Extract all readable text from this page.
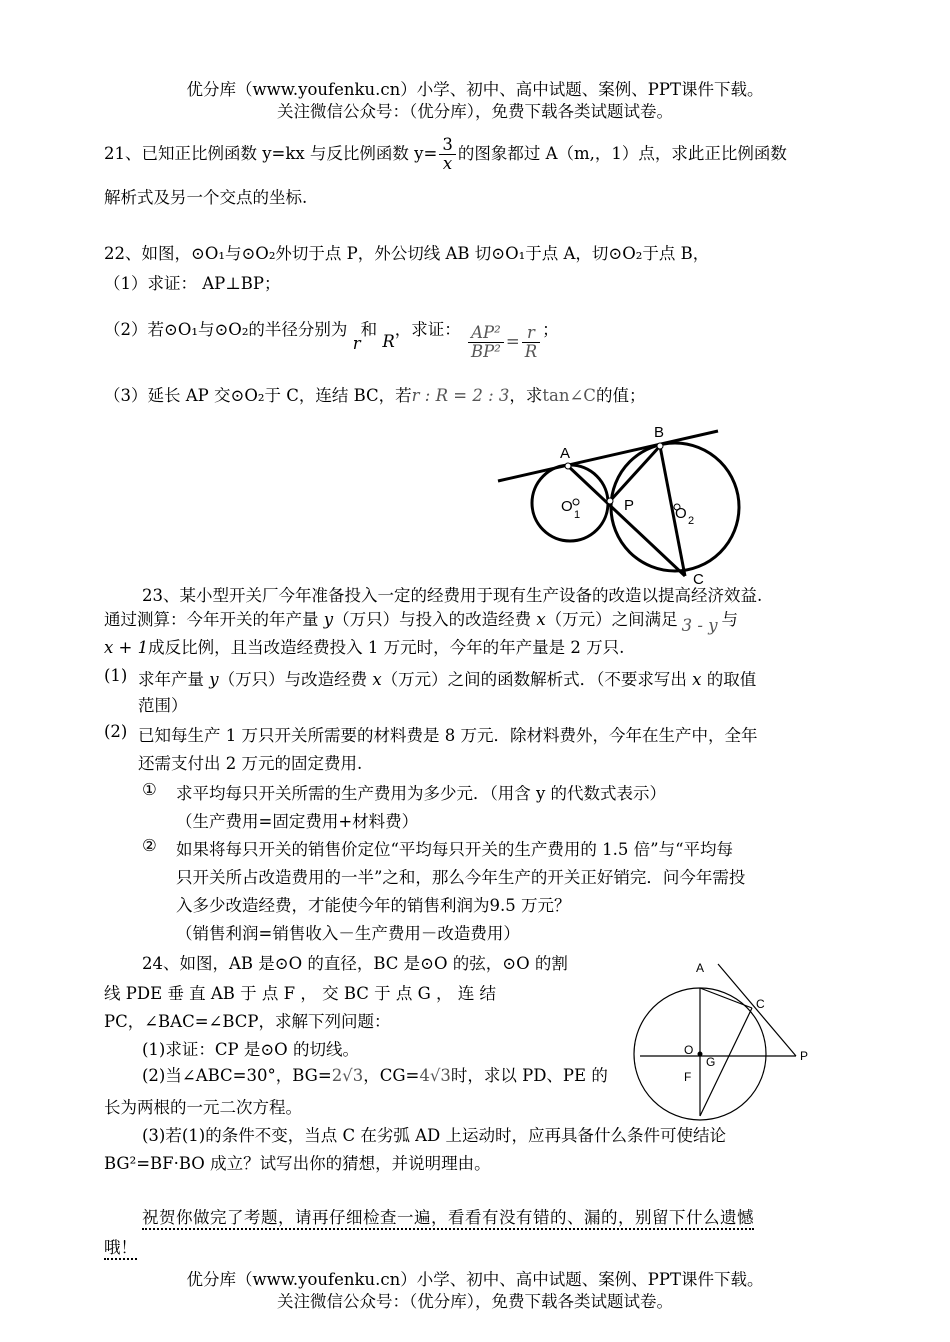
优分库（www.youfenku.cn）小学、初中、高中试题、案例、PPT课件下载。
关注微信公众号：（优分库），免费下载各类试题试卷。
21、已知正比例函数 y=kx 与反比例函数 $y= \frac{3}{x}$ 的图象都过 A（m,，1）点，求此正比例函数
解析式及另一个交点的坐标.
22、如图，⊙O₁与⊙O₂外切于点 P，外公切线 AB 切⊙O₁于点 A，切⊙O₂于点 B，
（1）求证： AP⊥BP；
（2）若⊙O₁与⊙O₂的半径分别为 r和 R，求证： $\frac{\text{AP²}}{\text{BP²}} = \frac{r}{R}$ ；
（3）延长 AP 交⊙O₂于 C，连结 BC，若r : R = 2 : 3，求tan∠C的值；
A
B
O 1
P	O 2
C
23、某小型开关厂今年准备投入一定的经费用于现有生产设备的改造以提高经济效益.
通过测算：今年开关的年产量 y（万只）与投入的改造经费 x（万元）之间满足 3 - y 与
x + 1成反比例，且当改造经费投入 1 万元时，今年的年产量是 2 万只.
(1) 求年产量 y（万只）与改造经费 x（万元）之间的函数解析式．（不要求写出 x 的取值
范围）
(2) 已知每生产 1 万只开关所需要的材料费是 8 万元．除材料费外，今年在生产中，全年
还需支付出 2 万元的固定费用.
① 求平均每只开关所需的生产费用为多少元．（用含 y 的代数式表示）
（生产费用=固定费用+材料费）
② 如果将每只开关的销售价定位“平均每只开关的生产费用的 1.5 倍”与“平均每
只开关所占改造费用的一半”之和，那么今年生产的开关正好销完．问今年需投
入多少改造经费，才能使今年的销售利润为9.5 万元？
（销售利润=销售收入－生产费用－改造费用）
24、如图，AB 是⊙O 的直径，BC 是⊙O 的弦，⊙O 的割
线 PDE 垂 直 AB 于 点 F ， 交 BC 于 点 G ， 连 结
PC，∠BAC=∠BCP，求解下列问题：
(1)求证：CP 是⊙O 的切线。
(2)当∠ABC=30°，BG=2√3，CG=4√3时，求以 PD、PE 的
长为两根的一元二次方程。
(3)若(1)的条件不变，当点 C 在劣弧 AD 上运动时，应再具备什么条件可使结论
BG²=BF·BO 成立？试写出你的猜想，并说明理由。
A
C
O
G
F
P
祝贺你做完了考题，请再仔细检查一遍，看看有没有错的、漏的，别留下什么遗憾
哦！
优分库（www.youfenku.cn）小学、初中、高中试题、案例、PPT课件下载。
关注微信公众号：（优分库），免费下载各类试题试卷。
